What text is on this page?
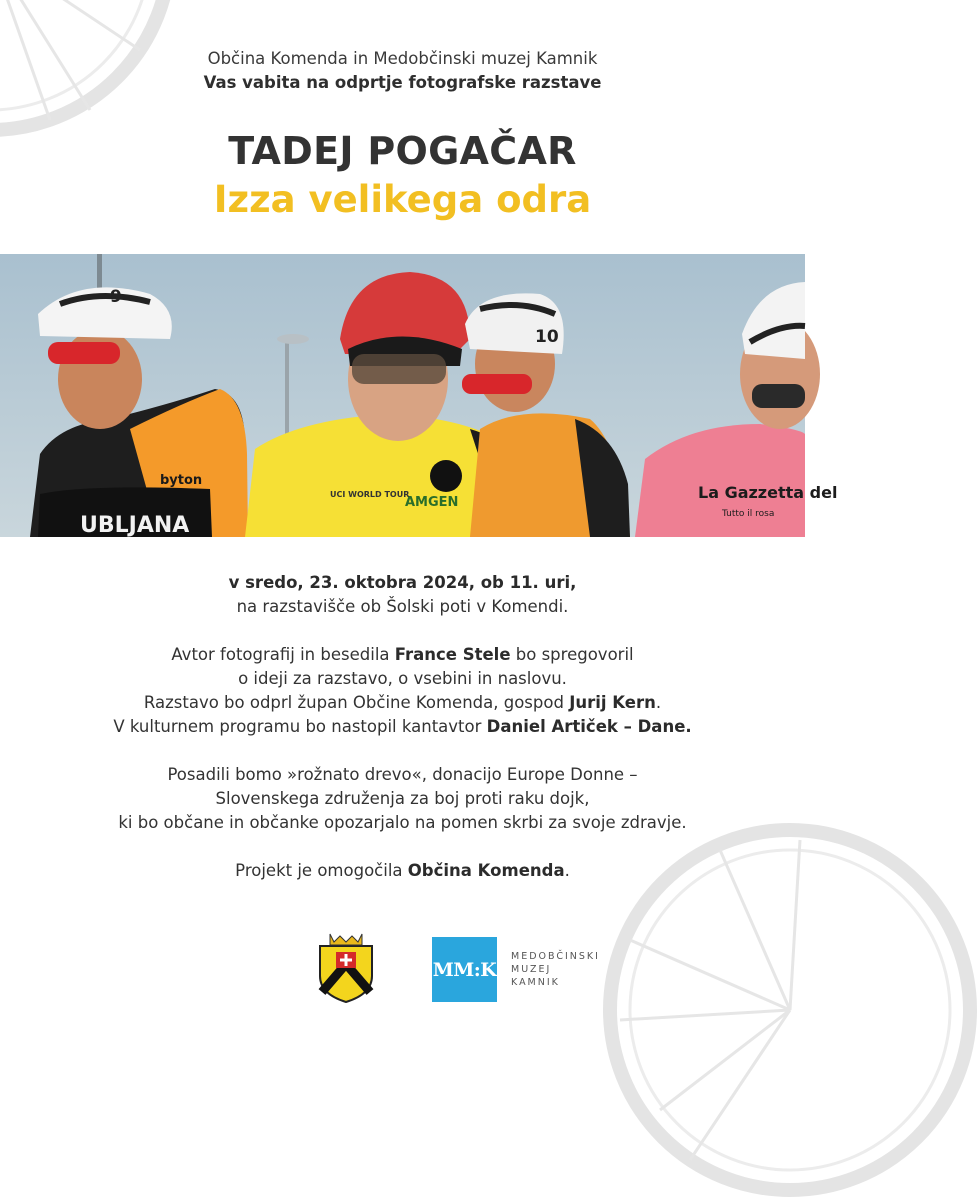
Občina Komenda in Medobčinski muzej Kamnik
Vas vabita na odprtje fotografske razstave
TADEJ POGAČAR
Izza velikega odra
UBLJANA
byton
9
AMGEN
UCI WORLD TOUR
10
La Gazzetta del
Tutto il rosa
v sredo, 23. oktobra 2024, ob 11. uri,
na razstavišče ob Šolski poti v Komendi.
Avtor fotografij in besedila France Stele bo spregovoril
o ideji za razstavo, o vsebini in naslovu.
Razstavo bo odprl župan Občine Komenda, gospod Jurij Kern.
V kulturnem programu bo nastopil kantavtor Daniel Artiček – Dane.
Posadili bomo »rožnato drevo«, donacijo Europe Donne –
Slovenskega združenja za boj proti raku dojk,
ki bo občane in občanke opozarjalo na pomen skrbi za svoje zdravje.
Projekt je omogočila Občina Komenda.
MM:K
MEDOBČINSKI
MUZEJ
KAMNIK
